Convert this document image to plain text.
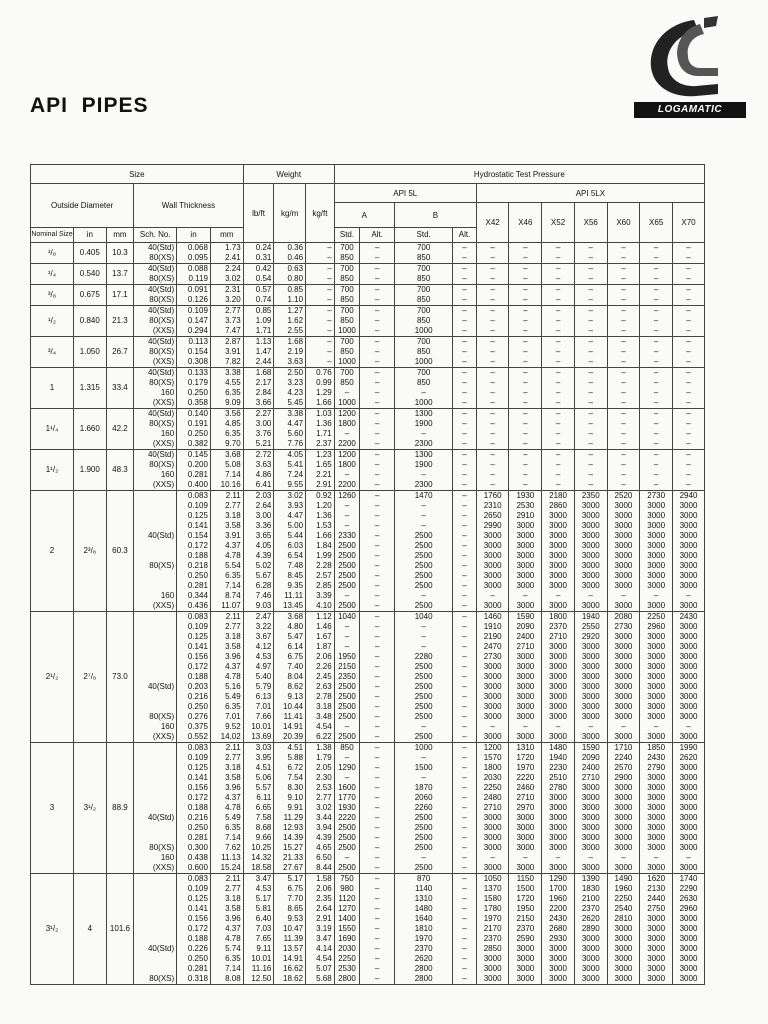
API  PIPES	LOGAMATIC
Size						Weight			Hydrostatic Test Pressure										
Outside Diameter			Wall Thickness			lb/ft	kg/m	kg/ft	API 5L				API 5LX						
									A		B		X42	X46	X52	X56	X60	X65	X70
Nominal Size	in	mm	Sch. No.	in	mm				Std.	Alt.	Std.	Alt.							
¹/₈	0.405	10.3	40(Std)	0.068	1.73	0.24	0.36	–	700	–	700	–	–	–	–	–	–	–	–
			80(XS)	0.095	2.41	0.31	0.46	–	850	–	850	–	–	–	–	–	–	–	–
¹/₄	0.540	13.7	40(Std)	0.088	2.24	0.42	0.63	–	700	–	700	–	–	–	–	–	–	–	–
			80(XS)	0.119	3.02	0.54	0.80	–	850	–	850	–	–	–	–	–	–	–	–
³/₈	0.675	17.1	40(Std)	0.091	2.31	0.57	0.85	–	700	–	700	–	–	–	–	–	–	–	–
			80(XS)	0.126	3.20	0.74	1.10	–	850	–	850	–	–	–	–	–	–	–	–
¹/₂	0.840	21.3	40(Std)	0.109	2.77	0.85	1.27	–	700	–	700	–	–	–	–	–	–	–	–
			80(XS)	0.147	3.73	1.09	1.62	–	850	–	850	–	–	–	–	–	–	–	–
			(XXS)	0.294	7.47	1.71	2.55	–	1000	–	1000	–	–	–	–	–	–	–	–
³/₄	1.050	26.7	40(Std)	0.113	2.87	1.13	1.68	–	700	–	700	–	–	–	–	–	–	–	–
			80(XS)	0.154	3.91	1.47	2.19	–	850	–	850	–	–	–	–	–	–	–	–
			(XXS)	0.308	7.82	2.44	3.63	–	1000	–	1000	–	–	–	–	–	–	–	–
1	1.315	33.4	40(Std)	0.133	3.38	1.68	2.50	0.76	700	–	700	–	–	–	–	–	–	–	–
			80(XS)	0.179	4.55	2.17	3.23	0.99	850	–	850	–	–	–	–	–	–	–	–
			160	0.250	6.35	2.84	4.23	1.29	–	–	–	–	–	–	–	–	–	–	–
			(XXS)	0.358	9.09	3.66	5.45	1.66	1000	–	1000	–	–	–	–	–	–	–	–
1¹/₄	1.660	42.2	40(Std)	0.140	3.56	2.27	3.38	1.03	1200	–	1300	–	–	–	–	–	–	–	–
			80(XS)	0.191	4.85	3.00	4.47	1.36	1800	–	1900	–	–	–	–	–	–	–	–
			160	0.250	6.35	3.76	5.60	1.71	–	–	–	–	–	–	–	–	–	–	–
			(XXS)	0.382	9.70	5.21	7.76	2.37	2200	–	2300	–	–	–	–	–	–	–	–
1¹/₂	1.900	48.3	40(Std)	0.145	3.68	2.72	4.05	1.23	1200	–	1300	–	–	–	–	–	–	–	–
			80(XS)	0.200	5.08	3.63	5.41	1.65	1800	–	1900	–	–	–	–	–	–	–	–
			160	0.281	7.14	4.86	7.24	2.21	–	–	–	–	–	–	–	–	–	–	–
			(XXS)	0.400	10.16	6.41	9.55	2.91	2200	–	2300	–	–	–	–	–	–	–	–
2	2³/₈	60.3		0.083	2.11	2.03	3.02	0.92	1260	–	1470	–	1760	1930	2180	2350	2520	2730	2940
				0.109	2.77	2.64	3.93	1.20	–	–	–	–	2310	2530	2860	3000	3000	3000	3000
				0.125	3.18	3.00	4.47	1.36	–	–	–	–	2650	2910	3000	3000	3000	3000	3000
				0.141	3.58	3.36	5.00	1.53	–	–	–	–	2990	3000	3000	3000	3000	3000	3000
			40(Std)	0.154	3.91	3.65	5.44	1.66	2330	–	2500	–	3000	3000	3000	3000	3000	3000	3000
				0.172	4.37	4.05	6.03	1.84	2500	–	2500	–	3000	3000	3000	3000	3000	3000	3000
				0.188	4.78	4.39	6.54	1.99	2500	–	2500	–	3000	3000	3000	3000	3000	3000	3000
			80(XS)	0.218	5.54	5.02	7.48	2.28	2500	–	2500	–	3000	3000	3000	3000	3000	3000	3000
				0.250	6.35	5.67	8.45	2.57	2500	–	2500	–	3000	3000	3000	3000	3000	3000	3000
				0.281	7.14	6.28	9.35	2.85	2500	–	2500	–	3000	3000	3000	3000	3000	3000	3000
			160	0.344	8.74	7.46	11.11	3.39	–	–	–	–	–	–	–	–	–	–	–
			(XXS)	0.436	11.07	9.03	13.45	4.10	2500	–	2500	–	3000	3000	3000	3000	3000	3000	3000
2¹/₂	2⁷/₈	73.0		0.083	2.11	2.47	3.68	1.12	1040	–	1040	–	1460	1590	1800	1940	2080	2250	2430
				0.109	2.77	3.22	4.80	1.46	–	–	–	–	1910	2090	2370	2550	2730	2960	3000
				0.125	3.18	3.67	5.47	1.67	–	–	–	–	2190	2400	2710	2920	3000	3000	3000
				0.141	3.58	4.12	6.14	1.87	–	–	–	–	2470	2710	3000	3000	3000	3000	3000
				0.156	3.96	4.53	6.75	2.06	1950	–	2280	–	2730	3000	3000	3000	3000	3000	3000
				0.172	4.37	4.97	7.40	2.26	2150	–	2500	–	3000	3000	3000	3000	3000	3000	3000
				0.188	4.78	5.40	8.04	2.45	2350	–	2500	–	3000	3000	3000	3000	3000	3000	3000
			40(Std)	0.203	5.16	5.79	8.62	2.63	2500	–	2500	–	3000	3000	3000	3000	3000	3000	3000
				0.216	5.49	6.13	9.13	2.78	2500	–	2500	–	3000	3000	3000	3000	3000	3000	3000
				0.250	6.35	7.01	10.44	3.18	2500	–	2500	–	3000	3000	3000	3000	3000	3000	3000
			80(XS)	0.276	7.01	7.66	11.41	3.48	2500	–	2500	–	3000	3000	3000	3000	3000	3000	3000
			160	0.375	9.52	10.01	14.91	4.54	–	–	–	–	–	–	–	–	–	–	–
			(XXS)	0.552	14.02	13.69	20.39	6.22	2500	–	2500	–	3000	3000	3000	3000	3000	3000	3000
3	3¹/₂	88.9		0.083	2.11	3.03	4.51	1.38	850	–	1000	–	1200	1310	1480	1590	1710	1850	1990
				0.109	2.77	3.95	5.88	1.79	–	–	–	–	1570	1720	1940	2090	2240	2430	2620
				0.125	3.18	4.51	6.72	2.05	1290	–	1500	–	1800	1970	2230	2400	2570	2790	3000
				0.141	3.58	5.06	7.54	2.30	–	–	–	–	2030	2220	2510	2710	2900	3000	3000
				0.156	3.96	5.57	8.30	2.53	1600	–	1870	–	2250	2460	2780	3000	3000	3000	3000
				0.172	4.37	6.11	9.10	2.77	1770	–	2060	–	2480	2710	3000	3000	3000	3000	3000
				0.188	4.78	6.65	9.91	3.02	1930	–	2260	–	2710	2970	3000	3000	3000	3000	3000
			40(Std)	0.216	5.49	7.58	11.29	3.44	2220	–	2500	–	3000	3000	3000	3000	3000	3000	3000
				0.250	6.35	8.68	12.93	3.94	2500	–	2500	–	3000	3000	3000	3000	3000	3000	3000
				0.281	7.14	9.66	14.39	4.39	2500	–	2500	–	3000	3000	3000	3000	3000	3000	3000
			80(XS)	0.300	7.62	10.25	15.27	4.65	2500	–	2500	–	3000	3000	3000	3000	3000	3000	3000
			160	0.438	11.13	14.32	21.33	6.50	–	–	–	–	–	–	–	–	–	–	–
			(XXS)	0.600	15.24	18.58	27.67	8.44	2500	–	2500	–	3000	3000	3000	3000	3000	3000	3000
3¹/₂	4	101.6		0.083	2.11	3.47	5.17	1.58	750	–	870	–	1050	1150	1290	1390	1490	1620	1740
				0.109	2.77	4.53	6.75	2.06	980	–	1140	–	1370	1500	1700	1830	1960	2130	2290
				0.125	3.18	5.17	7.70	2.35	1120	–	1310	–	1580	1720	1960	2100	2250	2440	2630
				0.141	3.58	5.81	8.65	2.64	1270	–	1480	–	1780	1950	2200	2370	2540	2750	2960
				0.156	3.96	6.40	9.53	2.91	1400	–	1640	–	1970	2150	2430	2620	2810	3000	3000
				0.172	4.37	7.03	10.47	3.19	1550	–	1810	–	2170	2370	2680	2890	3000	3000	3000
				0.188	4.78	7.65	11.39	3.47	1690	–	1970	–	2370	2590	2930	3000	3000	3000	3000
			40(Std)	0.226	5.74	9.11	13.57	4.14	2030	–	2370	–	2850	3000	3000	3000	3000	3000	3000
				0.250	6.35	10.01	14.91	4.54	2250	–	2620	–	3000	3000	3000	3000	3000	3000	3000
				0.281	7.14	11.16	16.62	5.07	2530	–	2800	–	3000	3000	3000	3000	3000	3000	3000
			80(XS)	0.318	8.08	12.50	18.62	5.68	2800	–	2800	–	3000	3000	3000	3000	3000	3000	3000
